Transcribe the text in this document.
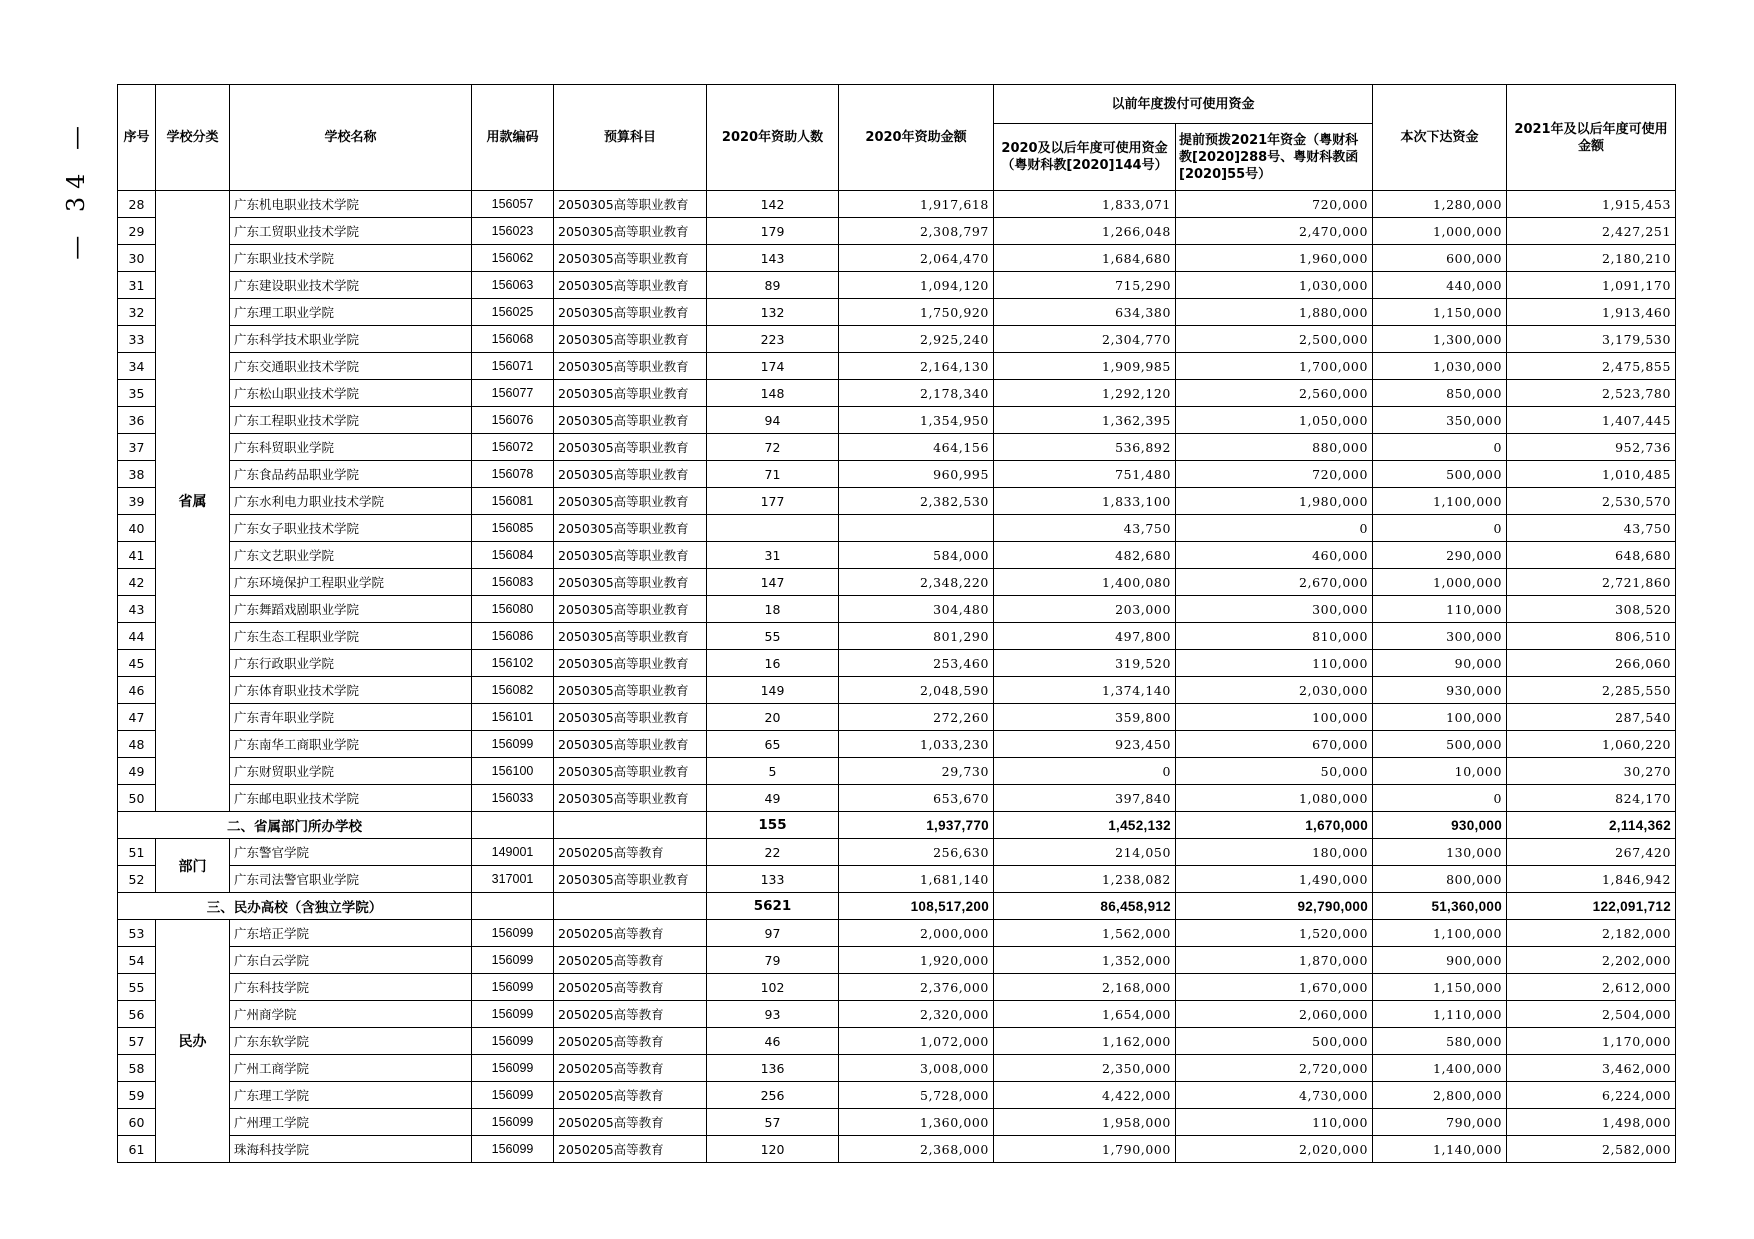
— 34 —	序号	学校分类	学校名称	用款编码	预算科目	2020年资助人数	2020年资助金额	以前年度拨付可使用资金		本次下达资金	2021年及以后年度可使用金额
							2020及以后年度可使用资金（粤财科教[2020]144号）	提前预拨2021年资金（粤财科教[2020]288号、粤财科教函[2020]55号）		
28	省属	广东机电职业技术学院	156057	2050305高等职业教育	142	1,917,618	1,833,071	720,000	1,280,000	1,915,453
29		广东工贸职业技术学院	156023	2050305高等职业教育	179	2,308,797	1,266,048	2,470,000	1,000,000	2,427,251
30		广东职业技术学院	156062	2050305高等职业教育	143	2,064,470	1,684,680	1,960,000	600,000	2,180,210
31		广东建设职业技术学院	156063	2050305高等职业教育	89	1,094,120	715,290	1,030,000	440,000	1,091,170
32		广东理工职业学院	156025	2050305高等职业教育	132	1,750,920	634,380	1,880,000	1,150,000	1,913,460
33		广东科学技术职业学院	156068	2050305高等职业教育	223	2,925,240	2,304,770	2,500,000	1,300,000	3,179,530
34		广东交通职业技术学院	156071	2050305高等职业教育	174	2,164,130	1,909,985	1,700,000	1,030,000	2,475,855
35		广东松山职业技术学院	156077	2050305高等职业教育	148	2,178,340	1,292,120	2,560,000	850,000	2,523,780
36		广东工程职业技术学院	156076	2050305高等职业教育	94	1,354,950	1,362,395	1,050,000	350,000	1,407,445
37		广东科贸职业学院	156072	2050305高等职业教育	72	464,156	536,892	880,000	0	952,736
38		广东食品药品职业学院	156078	2050305高等职业教育	71	960,995	751,480	720,000	500,000	1,010,485
39		广东水利电力职业技术学院	156081	2050305高等职业教育	177	2,382,530	1,833,100	1,980,000	1,100,000	2,530,570
40		广东女子职业技术学院	156085	2050305高等职业教育			43,750	0	0	43,750
41		广东文艺职业学院	156084	2050305高等职业教育	31	584,000	482,680	460,000	290,000	648,680
42		广东环境保护工程职业学院	156083	2050305高等职业教育	147	2,348,220	1,400,080	2,670,000	1,000,000	2,721,860
43		广东舞蹈戏剧职业学院	156080	2050305高等职业教育	18	304,480	203,000	300,000	110,000	308,520
44		广东生态工程职业学院	156086	2050305高等职业教育	55	801,290	497,800	810,000	300,000	806,510
45		广东行政职业学院	156102	2050305高等职业教育	16	253,460	319,520	110,000	90,000	266,060
46		广东体育职业技术学院	156082	2050305高等职业教育	149	2,048,590	1,374,140	2,030,000	930,000	2,285,550
47		广东青年职业学院	156101	2050305高等职业教育	20	272,260	359,800	100,000	100,000	287,540
48		广东南华工商职业学院	156099	2050305高等职业教育	65	1,033,230	923,450	670,000	500,000	1,060,220
49		广东财贸职业学院	156100	2050305高等职业教育	5	29,730	0	50,000	10,000	30,270
50		广东邮电职业技术学院	156033	2050305高等职业教育	49	653,670	397,840	1,080,000	0	824,170
二、省属部门所办学校					155	1,937,770	1,452,132	1,670,000	930,000	2,114,362
51	部门	广东警官学院	149001	2050205高等教育	22	256,630	214,050	180,000	130,000	267,420
52		广东司法警官职业学院	317001	2050305高等职业教育	133	1,681,140	1,238,082	1,490,000	800,000	1,846,942
三、民办高校（含独立学院）					5621	108,517,200	86,458,912	92,790,000	51,360,000	122,091,712
53	民办	广东培正学院	156099	2050205高等教育	97	2,000,000	1,562,000	1,520,000	1,100,000	2,182,000
54		广东白云学院	156099	2050205高等教育	79	1,920,000	1,352,000	1,870,000	900,000	2,202,000
55		广东科技学院	156099	2050205高等教育	102	2,376,000	2,168,000	1,670,000	1,150,000	2,612,000
56		广州商学院	156099	2050205高等教育	93	2,320,000	1,654,000	2,060,000	1,110,000	2,504,000
57		广东东软学院	156099	2050205高等教育	46	1,072,000	1,162,000	500,000	580,000	1,170,000
58		广州工商学院	156099	2050205高等教育	136	3,008,000	2,350,000	2,720,000	1,400,000	3,462,000
59		广东理工学院	156099	2050205高等教育	256	5,728,000	4,422,000	4,730,000	2,800,000	6,224,000
60		广州理工学院	156099	2050205高等教育	57	1,360,000	1,958,000	110,000	790,000	1,498,000
61		珠海科技学院	156099	2050205高等教育	120	2,368,000	1,790,000	2,020,000	1,140,000	2,582,000
